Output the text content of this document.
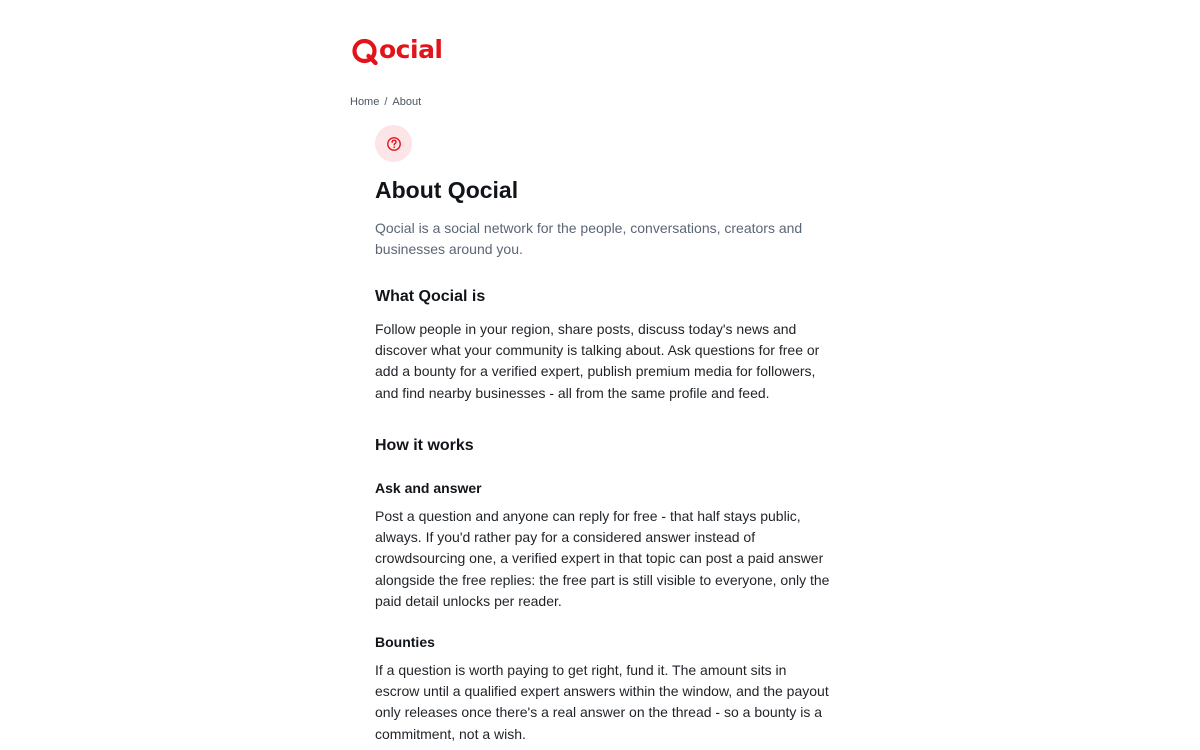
ocial
Home / About
About Qocial

Qocial is a social network for the people, conversations, creators and businesses around you.

What Qocial is

Follow people in your region, share posts, discuss today's news and discover what your community is talking about. Ask questions for free or add a bounty for a verified expert, publish premium media for followers, and find nearby businesses - all from the same profile and feed.

How it works
Ask and answer

Post a question and anyone can reply for free - that half stays public, always. If you'd rather pay for a considered answer instead of crowdsourcing one, a verified expert in that topic can post a paid answer alongside the free replies: the free part is still visible to everyone, only the paid detail unlocks per reader.

Bounties

If a question is worth paying to get right, fund it. The amount sits in escrow until a qualified expert answers within the window, and the payout only releases once there's a real answer on the thread - so a bounty is a commitment, not a wish.
